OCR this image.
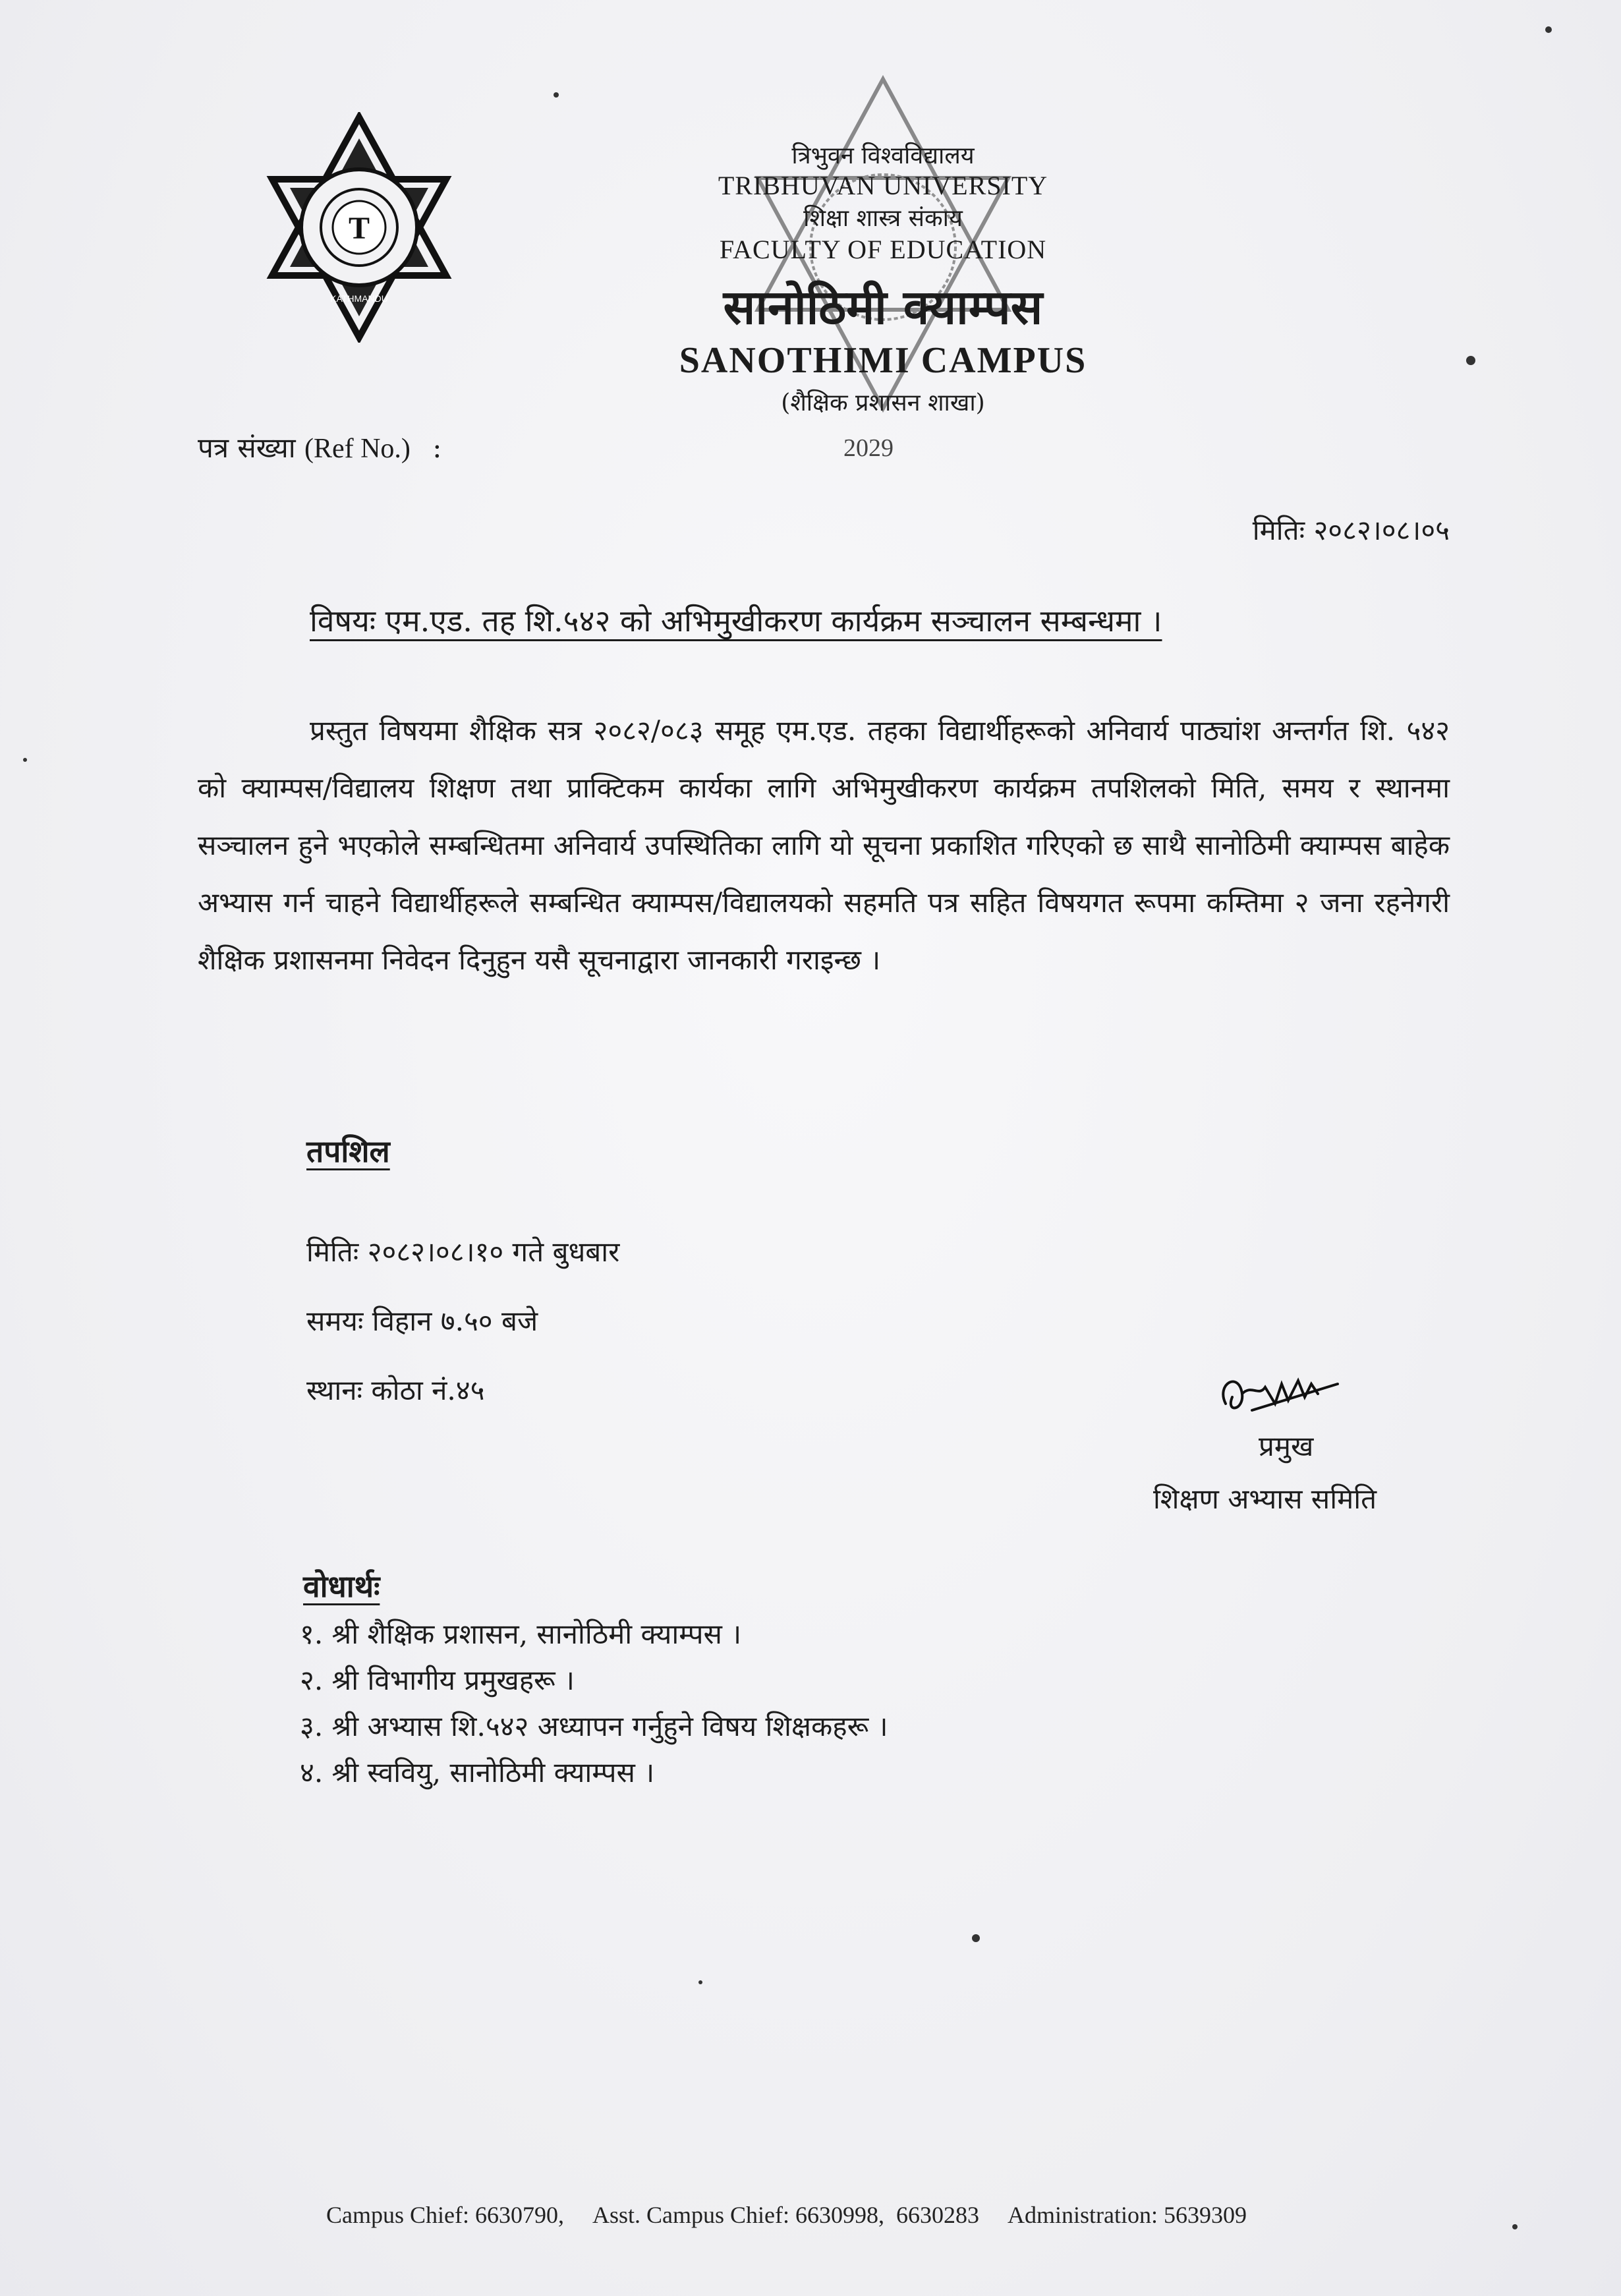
T
KATHMANDU
त्रिभुवन विश्वविद्यालय
TRIBHUVAN UNIVERSITY
शिक्षा शास्त्र संकाय
FACULTY OF EDUCATION
सानोठिमी क्याम्पस
SANOTHIMI CAMPUS
(शैक्षिक प्रशासन शाखा)
पत्र संख्या (Ref No.) :	2029
मितिः २०८२।०८।०५
विषयः एम.एड. तह शि.५४२ को अभिमुखीकरण कार्यक्रम सञ्चालन सम्बन्धमा ।
प्रस्तुत विषयमा शैक्षिक सत्र २०८२/०८३ समूह एम.एड. तहका विद्यार्थीहरूको अनिवार्य पाठ्यांश अन्तर्गत शि. ५४२ को क्याम्पस/विद्यालय शिक्षण तथा प्राक्टिकम कार्यका लागि अभिमुखीकरण कार्यक्रम तपशिलको मिति, समय र स्थानमा सञ्चालन हुने भएकोले सम्बन्धितमा अनिवार्य उपस्थितिका लागि यो सूचना प्रकाशित गरिएको छ साथै सानोठिमी क्याम्पस बाहेक अभ्यास गर्न चाहने विद्यार्थीहरूले सम्बन्धित क्याम्पस/विद्यालयको सहमति पत्र सहित विषयगत रूपमा कम्तिमा २ जना रहनेगरी शैक्षिक प्रशासनमा निवेदन दिनुहुन यसै सूचनाद्वारा जानकारी गराइन्छ ।
तपशिल
मितिः २०८२।०८।१० गते बुधबार
समयः विहान ७.५० बजे
स्थानः कोठा नं.४५
प्रमुख
शिक्षण अभ्यास समिति
वोधार्थः
१. श्री शैक्षिक प्रशासन, सानोठिमी क्याम्पस ।
२. श्री विभागीय प्रमुखहरू ।
३. श्री अभ्यास शि.५४२ अध्यापन गर्नुहुने विषय शिक्षकहरू ।
४. श्री स्ववियु, सानोठिमी क्याम्पस ।
Campus Chief: 6630790, Asst. Campus Chief: 6630998,  6630283 Administration: 5639309
